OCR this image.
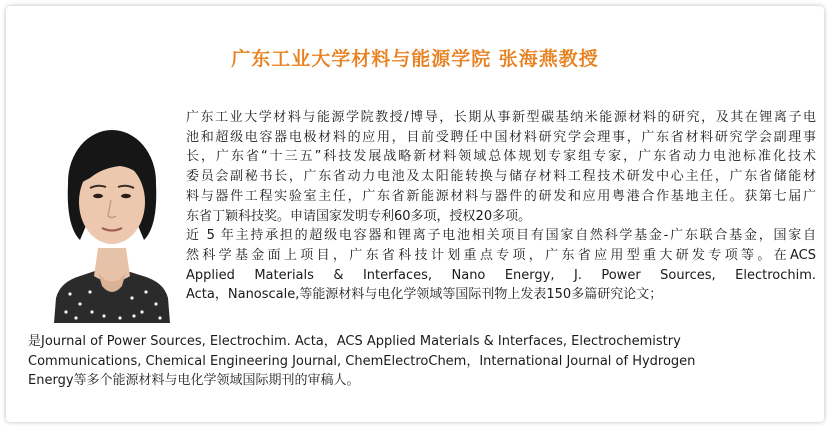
广东工业大学材料与能源学院 张海燕教授
广东工业大学材料与能源学院教授/博导，长期从事新型碳基纳米能源材料的研究，及其在锂离子电
池和超级电容器电极材料的应用，目前受聘任中国材料研究学会理事，广东省材料研究学会副理事
长，广东省“十三五”科技发展战略新材料领域总体规划专家组专家，广东省动力电池标准化技术
委员会副秘书长，广东省动力电池及太阳能转换与储存材料工程技术研发中心主任，广东省储能材
料与器件工程实验室主任，广东省新能源材料与器件的研发和应用粤港合作基地主任。获第七届广
东省丁颖科技奖。申请国家发明专利60多项，授权20多项。
近 5 年主持承担的超级电容器和锂离子电池相关项目有国家自然科学基金-广东联合基金，国家自
然科学基金面上项目，广东省科技计划重点专项，广东省应用型重大研发专项等。在ACS
Applied Materials & Interfaces, Nano Energy, J. Power Sources, Electrochim.
Acta，Nanoscale,等能源材料与电化学领域等国际刊物上发表150多篇研究论文；
是Journal of Power Sources, Electrochim. Acta，ACS Applied Materials & Interfaces, Electrochemistry
Communications, Chemical Engineering Journal, ChemElectroChem，International Journal of Hydrogen
Energy等多个能源材料与电化学领域国际期刊的审稿人。
